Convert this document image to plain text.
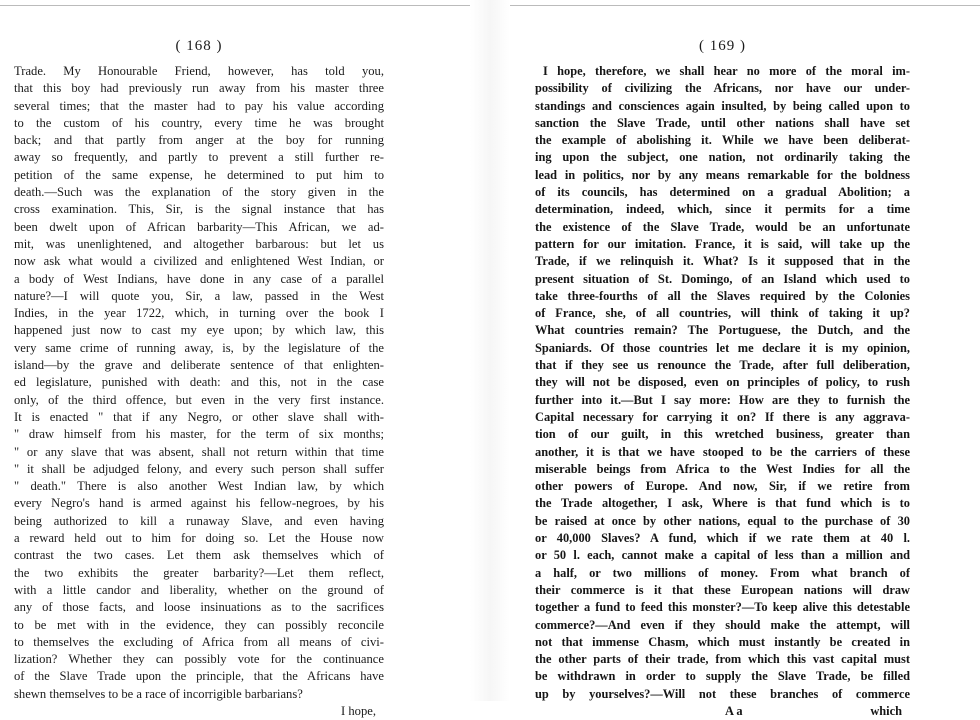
( 168 )
Trade. My Honourable Friend, however, has told you,
that this boy had previously run away from his master three
several times; that the master had to pay his value according
to the custom of his country, every time he was brought
back; and that partly from anger at the boy for running
away so frequently, and partly to prevent a still further re-
petition of the same expense, he determined to put him to
death.—Such was the explanation of the story given in the
cross examination. This, Sir, is the signal instance that has
been dwelt upon of African barbarity—This African, we ad-
mit, was unenlightened, and altogether barbarous: but let us
now ask what would a civilized and enlightened West Indian, or
a body of West Indians, have done in any case of a parallel
nature?—I will quote you, Sir, a law, passed in the West
Indies, in the year 1722, which, in turning over the book I
happened just now to cast my eye upon; by which law, this
very same crime of running away, is, by the legislature of the
island—by the grave and deliberate sentence of that enlighten-
ed legislature, punished with death: and this, not in the case
only, of the third offence, but even in the very first instance.
It is enacted " that if any Negro, or other slave shall with-
" draw himself from his master, for the term of six months;
" or any slave that was absent, shall not return within that time
" it shall be adjudged felony, and every such person shall suffer
" death." There is also another West Indian law, by which
every Negro's hand is armed against his fellow-negroes, by his
being authorized to kill a runaway Slave, and even having
a reward held out to him for doing so. Let the House now
contrast the two cases. Let them ask themselves which of
the two exhibits the greater barbarity?—Let them reflect,
with a little candor and liberality, whether on the ground of
any of those facts, and loose insinuations as to the sacrifices
to be met with in the evidence, they can possibly reconcile
to themselves the excluding of Africa from all means of civi-
lization? Whether they can possibly vote for the continuance
of the Slave Trade upon the principle, that the Africans have
shewn themselves to be a race of incorrigible barbarians?
I hope,
( 169 )
I hope, therefore, we shall hear no more of the moral im-
possibility of civilizing the Africans, nor have our under-
standings and consciences again insulted, by being called upon to
sanction the Slave Trade, until other nations shall have set
the example of abolishing it. While we have been deliberat-
ing upon the subject, one nation, not ordinarily taking the
lead in politics, nor by any means remarkable for the boldness
of its councils, has determined on a gradual Abolition; a
determination, indeed, which, since it permits for a time
the existence of the Slave Trade, would be an unfortunate
pattern for our imitation. France, it is said, will take up the
Trade, if we relinquish it. What? Is it supposed that in the
present situation of St. Domingo, of an Island which used to
take three-fourths of all the Slaves required by the Colonies
of France, she, of all countries, will think of taking it up?
What countries remain? The Portuguese, the Dutch, and the
Spaniards. Of those countries let me declare it is my opinion,
that if they see us renounce the Trade, after full deliberation,
they will not be disposed, even on principles of policy, to rush
further into it.—But I say more: How are they to furnish the
Capital necessary for carrying it on? If there is any aggrava-
tion of our guilt, in this wretched business, greater than
another, it is that we have stooped to be the carriers of these
miserable beings from Africa to the West Indies for all the
other powers of Europe. And now, Sir, if we retire from
the Trade altogether, I ask, Where is that fund which is to
be raised at once by other nations, equal to the purchase of 30
or 40,000 Slaves? A fund, which if we rate them at 40 l.
or 50 l. each, cannot make a capital of less than a million and
a half, or two millions of money. From what branch of
their commerce is it that these European nations will draw
together a fund to feed this monster?—To keep alive this detestable
commerce?—And even if they should make the attempt, will
not that immense Chasm, which must instantly be created in
the other parts of their trade, from which this vast capital must
be withdrawn in order to supply the Slave Trade, be filled
up by yourselves?—Will not these branches of commerce
A a	which
